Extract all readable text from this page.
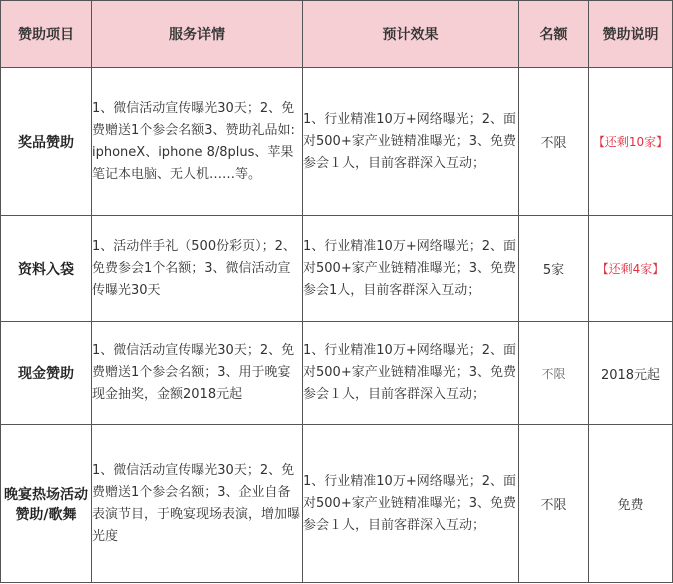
赞助项目	服务详情	预计效果	名额	赞助说明
奖品赞助	1、微信活动宣传曝光30天；2、免费赠送1个参会名额3、赞助礼品如: iphoneX、iphone 8/8plus、苹果笔记本电脑、无人机……等。	1、行业精准10万+网络曝光；2、面对500+家产业链精准曝光；3、免费参会１人，目前客群深入互动；	不限	【还剩10家】
资料入袋	1、活动伴手礼（500份彩页）；2、免费参会1个名额；3、微信活动宣传曝光30天	1、行业精准10万+网络曝光；2、面对500+家产业链精准曝光；3、免费参会1人，目前客群深入互动；	5家	【还剩4家】
现金赞助	1、微信活动宣传曝光30天；2、免费赠送1个参会名额；3、用于晚宴现金抽奖，金额2018元起	1、行业精准10万+网络曝光；2、面对500+家产业链精准曝光；3、免费参会１人，目前客群深入互动；	不限	2018元起
晚宴热场活动赞助/歌舞	1、微信活动宣传曝光30天；2、免费赠送1个参会名额；3、企业自备表演节目，于晚宴现场表演，增加曝光度	1、行业精准10万+网络曝光；2、面对500+家产业链精准曝光；3、免费参会１人，目前客群深入互动；	不限	免费
